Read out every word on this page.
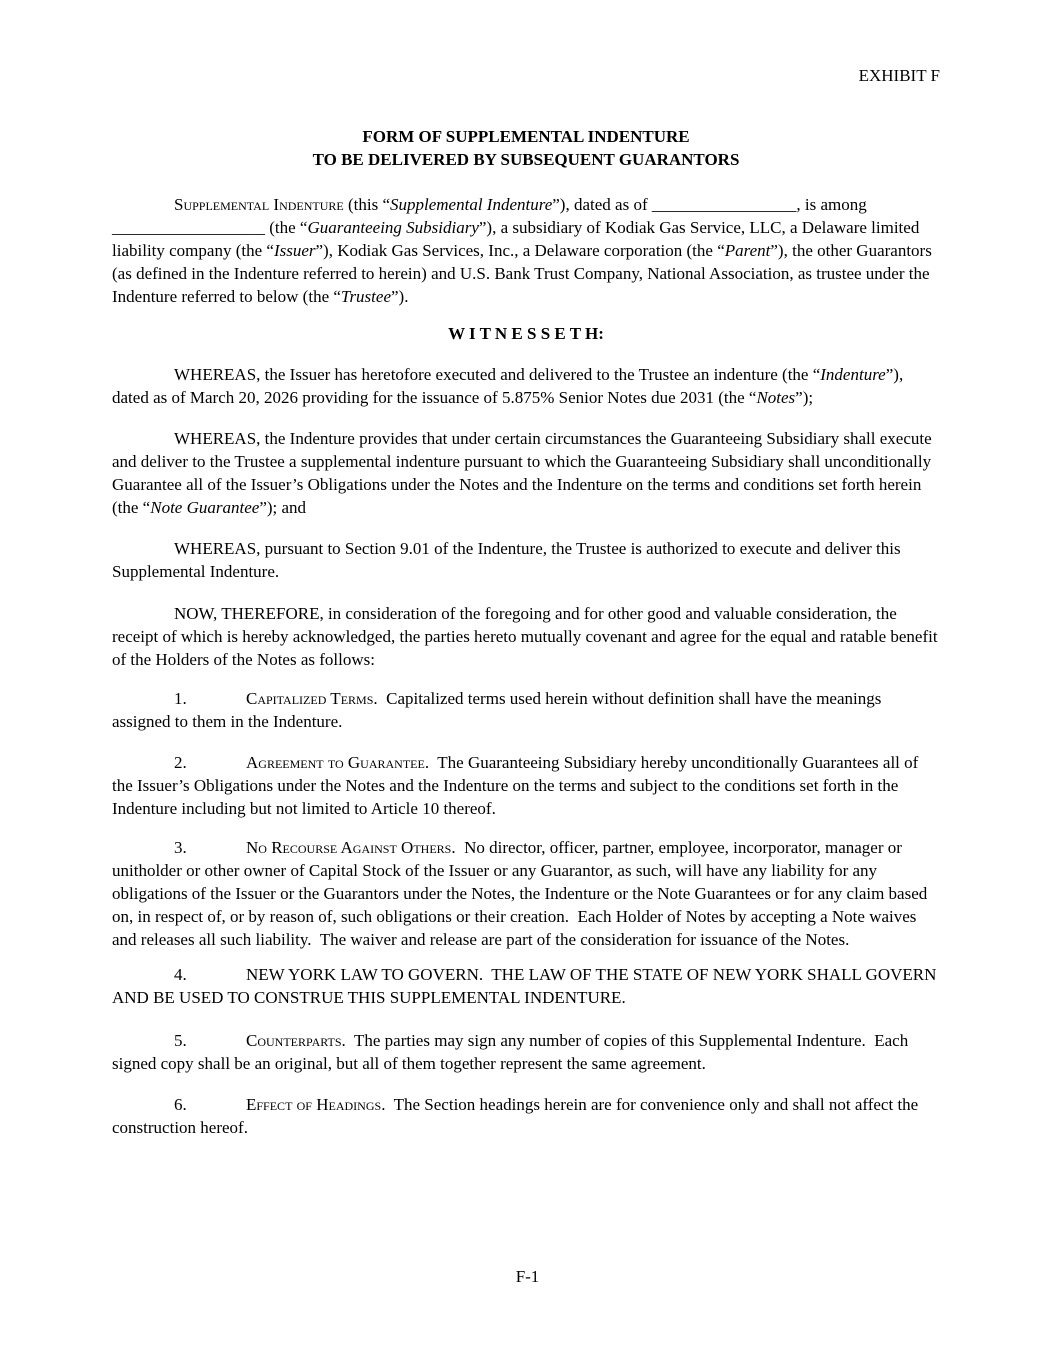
EXHIBIT F
FORM OF SUPPLEMENTAL INDENTURE
TO BE DELIVERED BY SUBSEQUENT GUARANTORS

Supplemental Indenture (this “Supplemental Indenture”), dated as of _________________, is among __________________ (the “Guaranteeing Subsidiary”), a subsidiary of Kodiak Gas Service, LLC, a Delaware limited liability company (the “Issuer”), Kodiak Gas Services, Inc., a Delaware corporation (the “Parent”), the other Guarantors (as defined in the Indenture referred to herein) and U.S. Bank Trust Company, National Association, as trustee under the Indenture referred to below (the “Trustee”).

W I T N E S S E T H:

WHEREAS, the Issuer has heretofore executed and delivered to the Trustee an indenture (the “Indenture”), dated as of March 20, 2026 providing for the issuance of 5.875% Senior Notes due 2031 (the “Notes”);

WHEREAS, the Indenture provides that under certain circumstances the Guaranteeing Subsidiary shall execute and deliver to the Trustee a supplemental indenture pursuant to which the Guaranteeing Subsidiary shall unconditionally Guarantee all of the Issuer’s Obligations under the Notes and the Indenture on the terms and conditions set forth herein (the “Note Guarantee”); and

WHEREAS, pursuant to Section 9.01 of the Indenture, the Trustee is authorized to execute and deliver this Supplemental Indenture.

NOW, THEREFORE, in consideration of the foregoing and for other good and valuable consideration, the receipt of which is hereby acknowledged, the parties hereto mutually covenant and agree for the equal and ratable benefit of the Holders of the Notes as follows:

1.	Capitalized Terms.  Capitalized terms used herein without definition shall have the meanings assigned to them in the Indenture.

2.	Agreement to Guarantee.  The Guaranteeing Subsidiary hereby unconditionally Guarantees all of the Issuer’s Obligations under the Notes and the Indenture on the terms and subject to the conditions set forth in the Indenture including but not limited to Article 10 thereof.

3.	No Recourse Against Others.  No director, officer, partner, employee, incorporator, manager or unitholder or other owner of Capital Stock of the Issuer or any Guarantor, as such, will have any liability for any obligations of the Issuer or the Guarantors under the Notes, the Indenture or the Note Guarantees or for any claim based on, in respect of, or by reason of, such obligations or their creation.  Each Holder of Notes by accepting a Note waives and releases all such liability.  The waiver and release are part of the consideration for issuance of the Notes.

4.	NEW YORK LAW TO GOVERN.  THE LAW OF THE STATE OF NEW YORK SHALL GOVERN AND BE USED TO CONSTRUE THIS SUPPLEMENTAL INDENTURE.

5.	Counterparts.  The parties may sign any number of copies of this Supplemental Indenture.  Each signed copy shall be an original, but all of them together represent the same agreement.

6.	Effect of Headings.  The Section headings herein are for convenience only and shall not affect the construction hereof.

F-1
